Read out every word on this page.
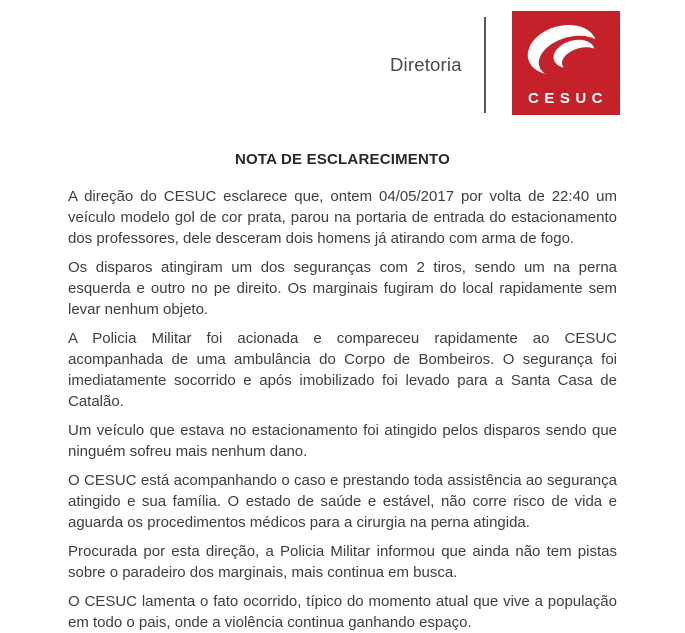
Diretoria
CESUC
NOTA DE ESCLARECIMENTO

A direção do CESUC esclarece que, ontem 04/05/2017 por volta de 22:40 um veículo modelo gol de cor prata, parou na portaria de entrada do estacionamento dos professores, dele desceram dois homens já atirando com arma de fogo.

Os disparos atingiram um dos seguranças com 2 tiros, sendo um na perna esquerda e outro no pe direito. Os marginais fugiram do local rapidamente sem levar nenhum objeto.

A Policia Militar foi acionada e compareceu rapidamente ao CESUC acompanhada de uma ambulância do Corpo de Bombeiros. O segurança foi imediatamente socorrido e após imobilizado foi levado para a Santa Casa de Catalão.

Um veículo que estava no estacionamento foi atingido pelos disparos sendo que ninguém sofreu mais nenhum dano.

O CESUC está acompanhando o caso e prestando toda assistência ao segurança atingido e sua família. O estado de saúde e estável, não corre risco de vida e aguarda os procedimentos médicos para a cirurgia na perna atingida.

Procurada por esta direção, a Policia Militar informou que ainda não tem pistas sobre o paradeiro dos marginais, mais continua em busca.

O CESUC lamenta o fato ocorrido, típico do momento atual que vive a população em todo o pais, onde a violência continua ganhando espaço.
